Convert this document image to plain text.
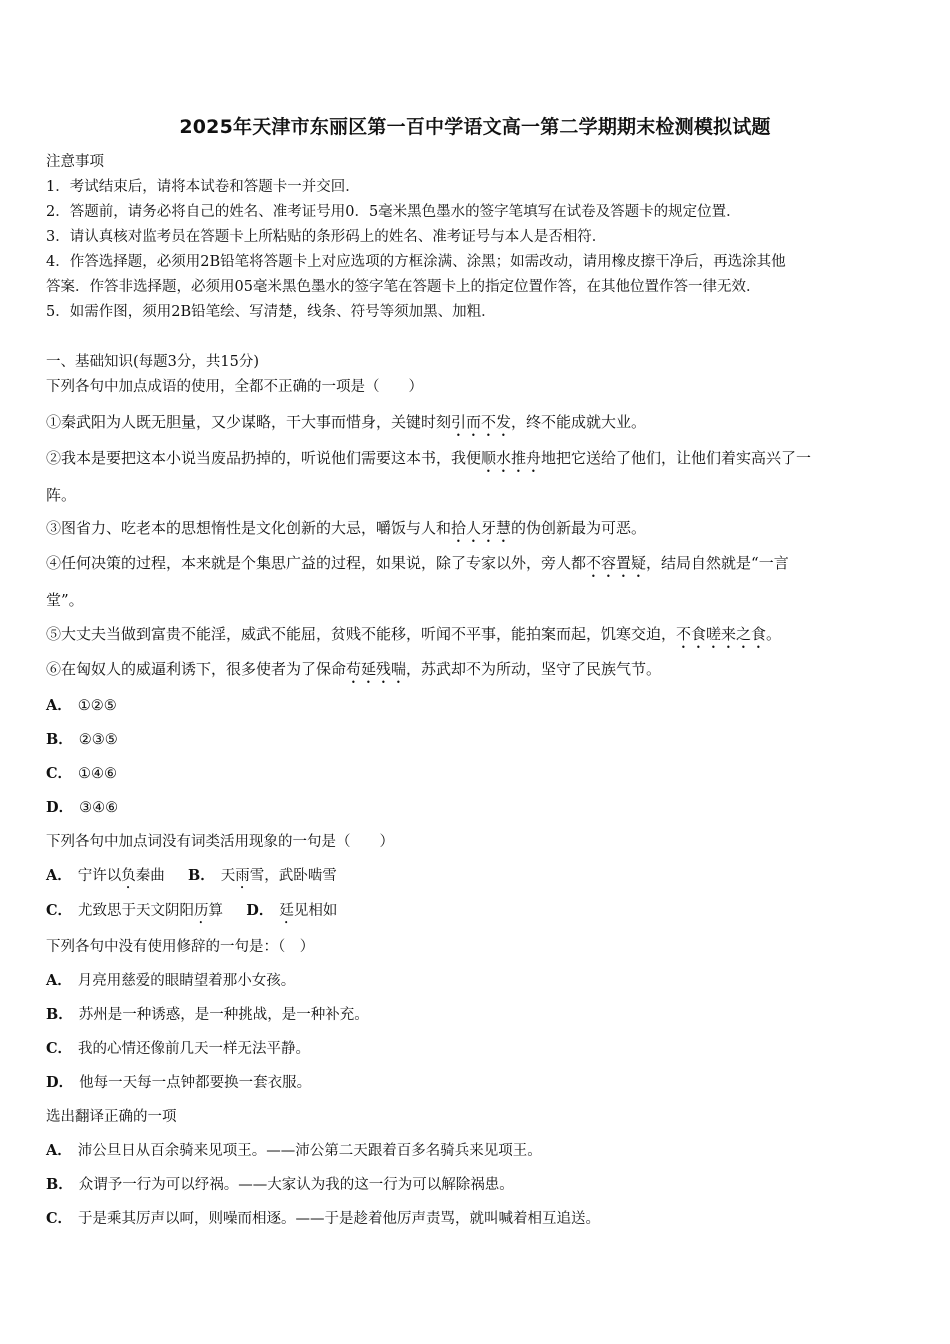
2025年天津市东丽区第一百中学语文高一第二学期期末检测模拟试题
注意事项
1．考试结束后，请将本试卷和答题卡一并交回．
2．答题前，请务必将自己的姓名、准考证号用0．5毫米黑色墨水的签字笔填写在试卷及答题卡的规定位置．
3．请认真核对监考员在答题卡上所粘贴的条形码上的姓名、准考证号与本人是否相符．
4．作答选择题，必须用2B铅笔将答题卡上对应选项的方框涂满、涂黑；如需改动，请用橡皮擦干净后，再选涂其他
答案．作答非选择题，必须用05毫米黑色墨水的签字笔在答题卡上的指定位置作答，在其他位置作答一律无效．
5．如需作图，须用2B铅笔绘、写清楚，线条、符号等须加黑、加粗．
一、基础知识(每题3分，共15分)
下列各句中加点成语的使用，全都不正确的一项是（　　）
①秦武阳为人既无胆量，又少谋略，干大事而惜身，关键时刻引而不发，终不能成就大业。
②我本是要把这本小说当废品扔掉的，听说他们需要这本书，我便顺水推舟地把它送给了他们，让他们着实高兴了一
阵。
③图省力、吃老本的思想惰性是文化创新的大忌，嚼饭与人和拾人牙慧的伪创新最为可恶。
④任何决策的过程，本来就是个集思广益的过程，如果说，除了专家以外，旁人都不容置疑，结局自然就是“一言
堂”。
⑤大丈夫当做到富贵不能淫，威武不能屈，贫贱不能移，听闻不平事，能拍案而起，饥寒交迫，不食嗟来之食。
⑥在匈奴人的威逼利诱下，很多使者为了保命苟延残喘，苏武却不为所动，坚守了民族气节。
A． ①②⑤
B． ②③⑤
C． ①④⑥
D． ③④⑥
下列各句中加点词没有词类活用现象的一句是（　　）
A． 宁许以负秦曲 B． 天雨雪，武卧啮雪
C． 尤致思于天文阴阳历算 D． 廷见相如
下列各句中没有使用修辞的一句是：（　）
A． 月亮用慈爱的眼睛望着那小女孩。
B． 苏州是一种诱惑，是一种挑战，是一种补充。
C． 我的心情还像前几天一样无法平静。
D． 他每一天每一点钟都要换一套衣服。
选出翻译正确的一项
A． 沛公旦日从百余骑来见项王。——沛公第二天跟着百多名骑兵来见项王。
B． 众谓予一行为可以纾祸。——大家认为我的这一行为可以解除祸患。
C． 于是乘其厉声以呵，则噪而相逐。——于是趁着他厉声责骂，就叫喊着相互追送。
